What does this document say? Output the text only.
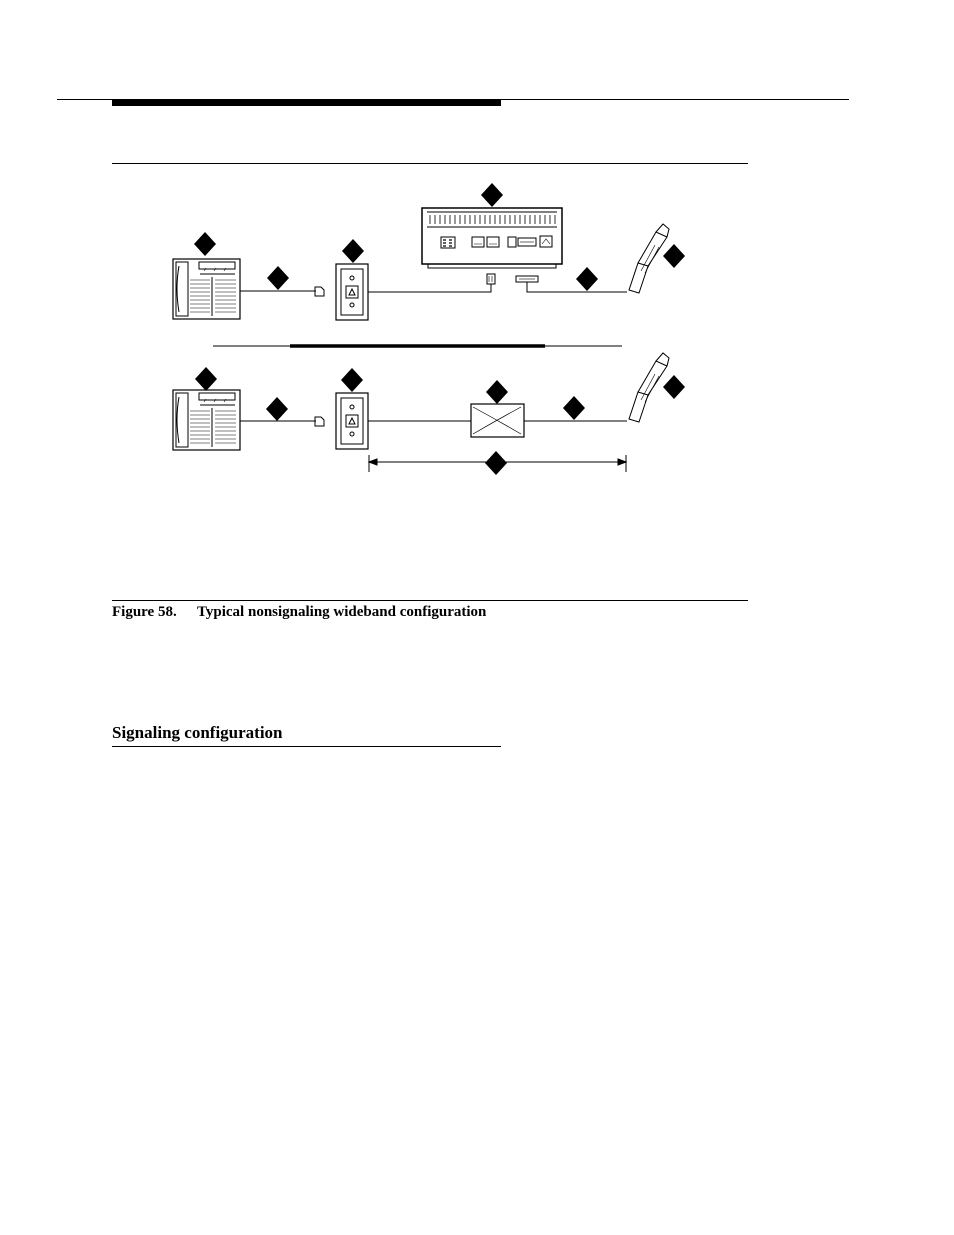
Figure 58. Typical nonsignaling wideband configuration
Signaling configuration
